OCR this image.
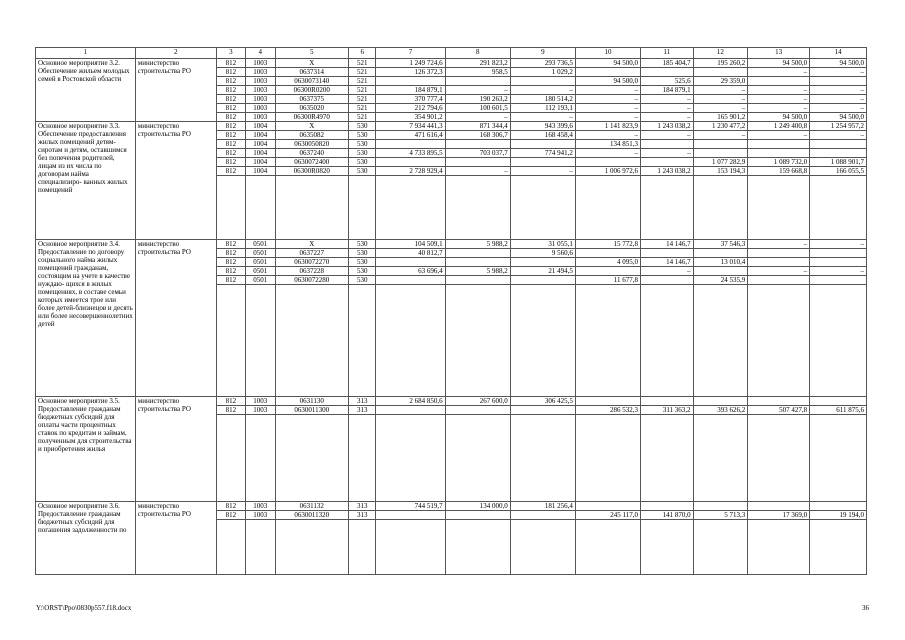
1	2	3	4	5	6	7	8	9	10	11	12	13	14
Основное мероприятие 3.2. Обеспечение жильем молодых семей в Ростовской области	министерство строительства РО	812	1003	X	521	1 249 724,6	291 823,2	293 736,5	94 500,0	185 404,7	195 260,2	94 500,0	94 500,0
		812	1003	0637314	521	126 372,3	958,5	1 029,2				–	–
		812	1003	0630073140	521				94 500,0	525,6	29 359,0		
		812	1003	06300R0200	521	184 879,1	–	–	–	184 879,1	–	–	–
		812	1003	0637375	521	370 777,4	190 263,2	180 514,2	–	–	–	–	–
		812	1003	0635020	521	212 794,6	100 601,5	112 193,1	–	–	–	–	–
		812	1003	06300R4970	521	354 901,2	–	–	–	–	165 901,2	94 500,0	94 500,0
Основное мероприятие 3.3. Обеспечение предоставления жилых помещений детям-сиротам и детям, оставшимся без попечения родителей, лицам из их числа по договорам найма специализиро- ванных жилых помещений	министерство строительства РО	812	1004	X	530	7 934 441,3	871 344,4	943 399,6	1 141 823,9	1 243 038,2	1 230 477,2	1 249 400,8	1 254 957,2
		812	1004	0635082	530	471 616,4	168 306,7	168 458,4	–	–	–	–	–
		812	1004	0630050820	530				134 851,3				
		812	1004	0637240	530	4 733 895,5	703 037,7	774 941,2	–	–			
		812	1004	0630072400	530						1 077 282,9	1 089 732,0	1 088 901,7
		812	1004	06300R0820	530	2 728 929,4	–	–	1 006 972,6	1 243 038,2	153 194,3	159 668,8	166 055,5

Основное мероприятие 3.4. Предоставление по договору социального найма жилых помещений гражданам, состоящим на учете в качестве нуждаю- щихся в жилых помещениях, в составе семьи которых имеется трое или более детей-близнецов и десять или более несовершеннолетних детей	министерство строительства РО	812	0501	X	530	104 509,1	5 988,2	31 055,1	15 772,8	14 146,7	37 546,3	–	–
		812	0501	0637227	530	40 812,7		9 560,6					
		812	0501	0630072270	530				4 095,0	14 146,7	13 010,4		
		812	0501	0637228	530	63 696,4	5 988,2	21 494,5		–		–	–
		812	0501	0630072280	530				11 677,8		24 535,9		

Основное мероприятие 3.5. Предоставление гражданам бюджетных субсидий для оплаты части процентных ставок по кредитам и займам, полученным для строительства и приобретения жилья	министерство строительства РО	812	1003	0631130	313	2 684 850,6	267 600,0	306 425,5					
		812	1003	0630011300	313				286 532,3	311 363,2	393 626,2	507 427,8	611 875,6

Основное мероприятие 3.6. Предоставление гражданам бюджетных субсидий для погашения задолженности по	министерство строительства РО	812	1003	0631132	313	744 519,7	134 000,0	181 256,4					
		812	1003	0630011320	313				245 117,0	141 870,0	5 713,3	17 369,0	19 194,0

Y:\ORST\Ppo\0830p557.f18.docx	36
